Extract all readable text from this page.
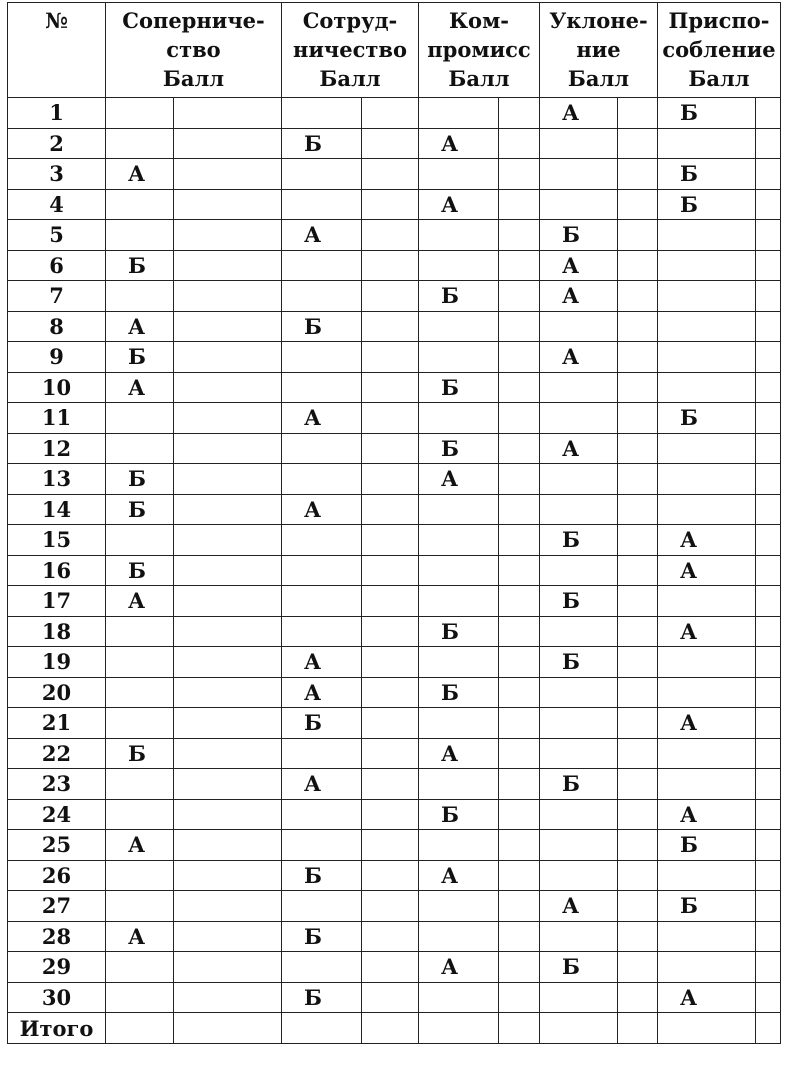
№	Соперниче-
ство
Балл		Сотруд-
ничество
Балл		Ком-
промисс
Балл		Уклоне-
ние
Балл		Приспо-
собление
Балл	

1							А		Б	
2			Б		А					
3	А								Б	
4					А				Б	
5			А				Б			
6	Б						А			
7					Б		А			
8	А		Б							
9	Б						А			
10	А				Б					
11			А						Б	
12					Б		А			
13	Б				А					
14	Б		А							
15							Б		А	
16	Б								А	
17	А						Б			
18					Б				А	
19			А				Б			
20			А		Б					
21			Б						А	
22	Б				А					
23			А				Б			
24					Б				А	
25	А								Б	
26			Б		А					
27							А		Б	
28	А		Б							
29					А		Б			
30			Б						А	
Итого										
